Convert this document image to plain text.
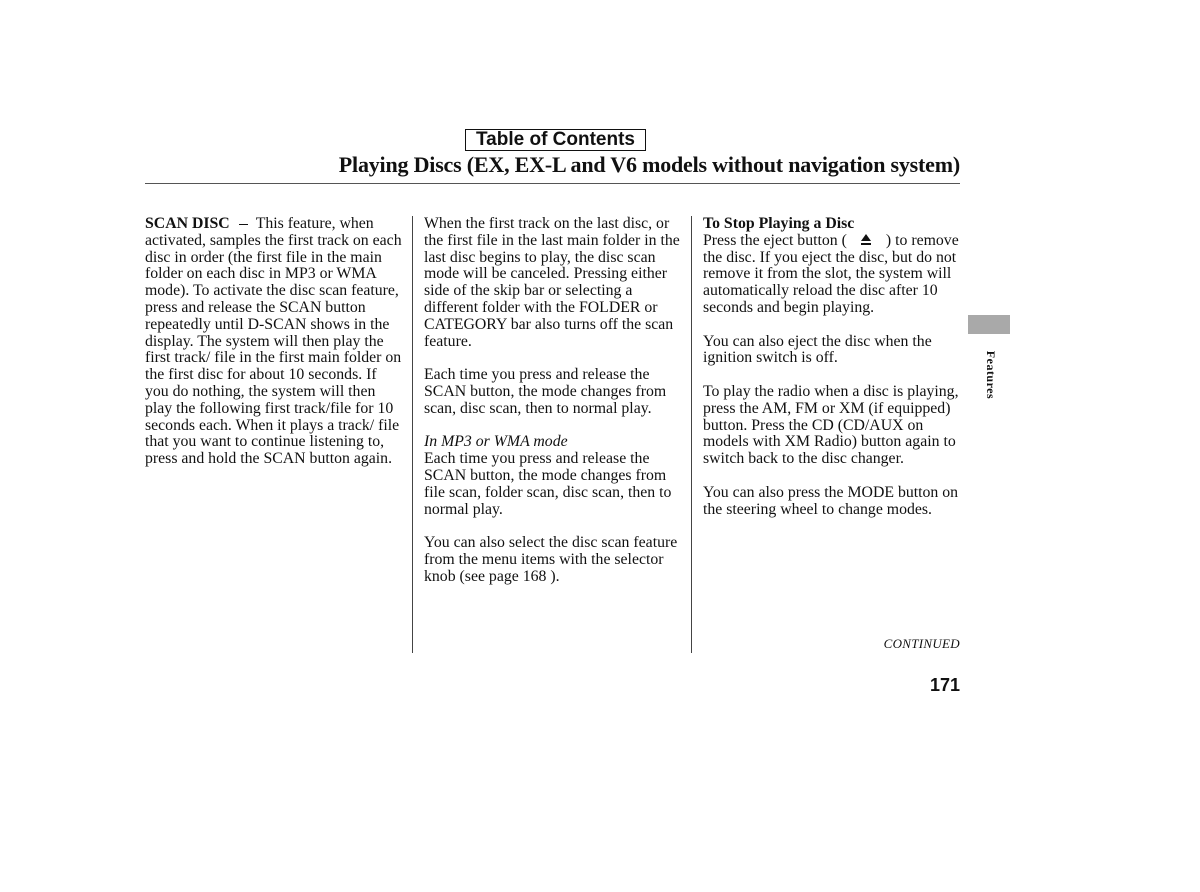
Table of Contents
Playing Discs (EX, EX-L and V6 models without navigation system)

SCAN DISC This feature, when activated, samples the first track on each disc in order (the first file in the main folder on each disc in MP3 or WMA mode). To activate the disc scan feature, press and release the SCAN button repeatedly until D-SCAN shows in the display. The system will then play the first track/ file in the first main folder on the first disc for about 10 seconds. If you do nothing, the system will then play the following first track/file for 10 seconds each. When it plays a track/ file that you want to continue listening to, press and hold the SCAN button again.

When the first track on the last disc, or the first file in the last main folder in the last disc begins to play, the disc scan mode will be canceled. Pressing either side of the skip bar or selecting a different folder with the FOLDER or CATEGORY bar also turns off the scan feature.

Each time you press and release the SCAN button, the mode changes from scan, disc scan, then to normal play.

In MP3 or WMA mode
Each time you press and release the SCAN button, the mode changes from file scan, folder scan, disc scan, then to normal play.

You can also select the disc scan feature from the menu items with the selector knob (see page 168 ).

To Stop Playing a Disc
Press the eject button ( ) to remove the disc. If you eject the disc, but do not remove it from the slot, the system will automatically reload the disc after 10 seconds and begin playing.

You can also eject the disc when the ignition switch is off.

To play the radio when a disc is playing, press the AM, FM or XM (if equipped) button. Press the CD (CD/AUX on models with XM Radio) button again to switch back to the disc changer.

You can also press the MODE button on the steering wheel to change modes.

CONTINUED
171
Features
